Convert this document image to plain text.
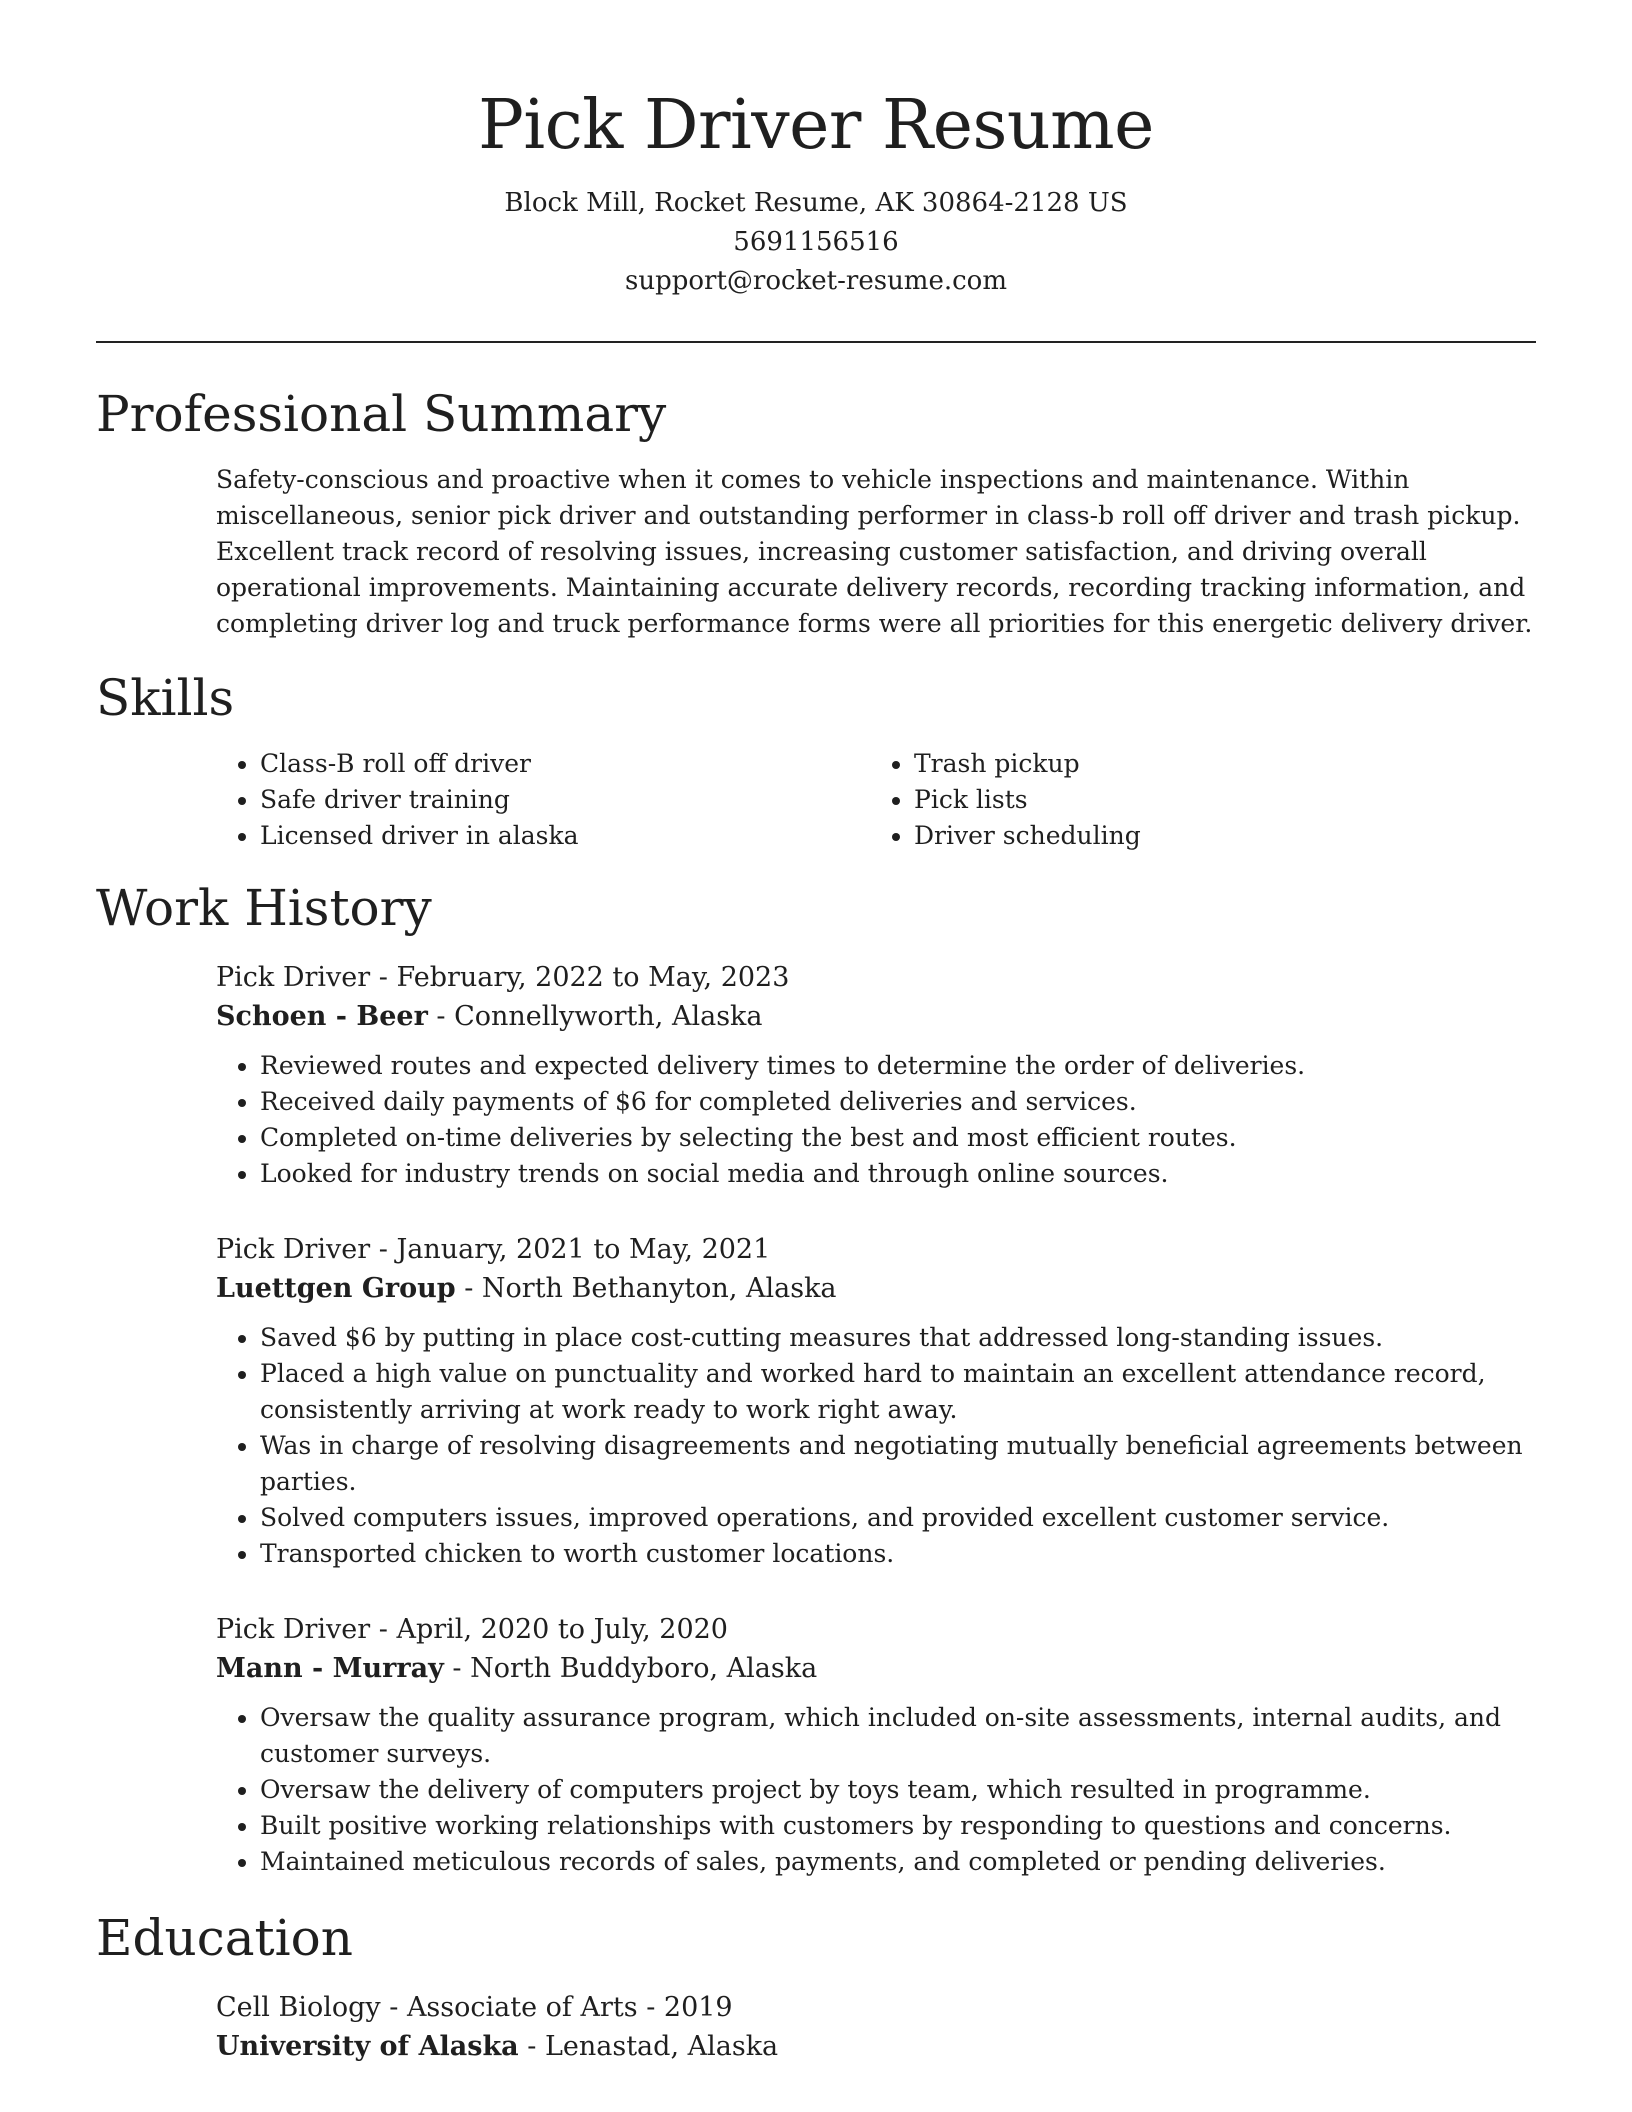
Pick Driver Resume
Block Mill, Rocket Resume, AK 30864-2128 US
5691156516
support@rocket-resume.com
Professional Summary

Safety-conscious and proactive when it comes to vehicle inspections and maintenance. Within miscellaneous, senior pick driver and outstanding performer in class-b roll off driver and trash pickup. Excellent track record of resolving issues, increasing customer satisfaction, and driving overall operational improvements. Maintaining accurate delivery records, recording tracking information, and completing driver log and truck performance forms were all priorities for this energetic delivery driver.

Skills
• Class-B roll off driver
• Safe driver training
• Licensed driver in alaska
• Trash pickup
• Pick lists
• Driver scheduling
Work History

Pick Driver - February, 2022 to May, 2023

Schoen - Beer - Connellyworth, Alaska

• Reviewed routes and expected delivery times to determine the order of deliveries.
• Received daily payments of $6 for completed deliveries and services.
• Completed on-time deliveries by selecting the best and most efficient routes.
• Looked for industry trends on social media and through online sources.

Pick Driver - January, 2021 to May, 2021

Luettgen Group - North Bethanyton, Alaska

• Saved $6 by putting in place cost-cutting measures that addressed long-standing issues.
• Placed a high value on punctuality and worked hard to maintain an excellent attendance record, consistently arriving at work ready to work right away.
• Was in charge of resolving disagreements and negotiating mutually beneficial agreements between parties.
• Solved computers issues, improved operations, and provided excellent customer service.
• Transported chicken to worth customer locations.

Pick Driver - April, 2020 to July, 2020

Mann - Murray - North Buddyboro, Alaska

• Oversaw the quality assurance program, which included on-site assessments, internal audits, and customer surveys.
• Oversaw the delivery of computers project by toys team, which resulted in programme.
• Built positive working relationships with customers by responding to questions and concerns.
• Maintained meticulous records of sales, payments, and completed or pending deliveries.
Education

Cell Biology - Associate of Arts - 2019

University of Alaska - Lenastad, Alaska
